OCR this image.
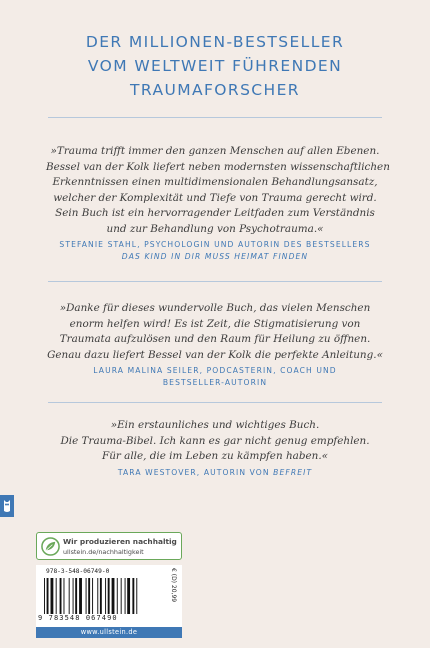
DER MILLIONEN-BESTSELLER
VOM WELTWEIT FÜHRENDEN
TRAUMAFORSCHER
»Trauma trifft immer den ganzen Menschen auf allen Ebenen.
Bessel van der Kolk liefert neben modernsten wissenschaftlichen
Erkenntnissen einen multidimensionalen Behandlungsansatz,
welcher der Komplexität und Tiefe von Trauma gerecht wird.
Sein Buch ist ein hervorragender Leitfaden zum Verständnis
und zur Behandlung von Psychotrauma.«
STEFANIE STAHL, PSYCHOLOGIN UND AUTORIN DES BESTSELLERS
DAS KIND IN DIR MUSS HEIMAT FINDEN
»Danke für dieses wundervolle Buch, das vielen Menschen
enorm helfen wird! Es ist Zeit, die Stigmatisierung von
Traumata aufzulösen und den Raum für Heilung zu öffnen.
Genau dazu liefert Bessel van der Kolk die perfekte Anleitung.«
LAURA MALINA SEILER, PODCASTERIN, COACH UND
BESTSELLER-AUTORIN
»Ein erstaunliches und wichtiges Buch.
Die Trauma-Bibel. Ich kann es gar nicht genug empfehlen.
Für alle, die im Leben zu kämpfen haben.«
TARA WESTOVER, AUTORIN VON BEFREIT
Wir produzieren nachhaltig
ullstein.de/nachhaltigkeit
978-3-548-06749-0	€ (D) 20,99
9 783548 067490
www.ullstein.de
